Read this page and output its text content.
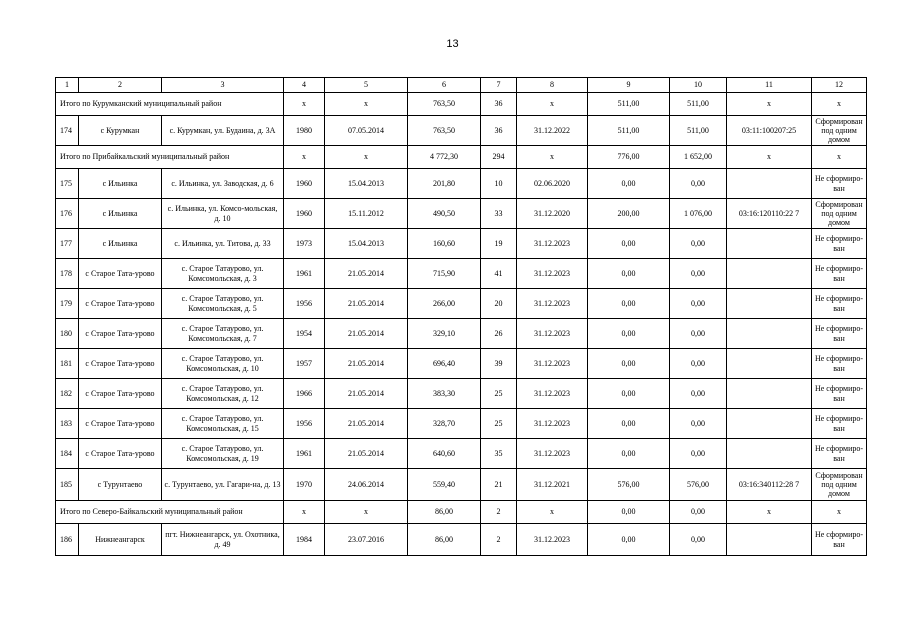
13
1	2	3	4	5	6	7	8	9	10	11	12
Итого по Курумканский муниципальный район			x	x	763,50	36	x	511,00	511,00	x	x
174	с Курумкан	с. Курумкан, ул. Будаина, д. 3А	1980	07.05.2014	763,50	36	31.12.2022	511,00	511,00	03:11:100207:25	Сформирован под одним домом
Итого по Прибайкальский муниципальный район			x	x	4 772,30	294	x	776,00	1 652,00	x	x
175	с Ильинка	с. Ильинка, ул. Заводская, д. 6	1960	15.04.2013	201,80	10	02.06.2020	0,00	0,00		Не сформиро-ван
176	с Ильинка	с. Ильинка, ул. Комсо-мольская, д. 10	1960	15.11.2012	490,50	33	31.12.2020	200,00	1 076,00	03:16:120110:22 7	Сформирован под одним домом
177	с Ильинка	с. Ильинка, ул. Титова, д. 33	1973	15.04.2013	160,60	19	31.12.2023	0,00	0,00		Не сформиро-ван
178	с Старое Тата-урово	с. Старое Татаурово, ул. Комсомольская, д. 3	1961	21.05.2014	715,90	41	31.12.2023	0,00	0,00		Не сформиро-ван
179	с Старое Тата-урово	с. Старое Татаурово, ул. Комсомольская, д. 5	1956	21.05.2014	266,00	20	31.12.2023	0,00	0,00		Не сформиро-ван
180	с Старое Тата-урово	с. Старое Татаурово, ул. Комсомольская, д. 7	1954	21.05.2014	329,10	26	31.12.2023	0,00	0,00		Не сформиро-ван
181	с Старое Тата-урово	с. Старое Татаурово, ул. Комсомольская, д. 10	1957	21.05.2014	696,40	39	31.12.2023	0,00	0,00		Не сформиро-ван
182	с Старое Тата-урово	с. Старое Татаурово, ул. Комсомольская, д. 12	1966	21.05.2014	383,30	25	31.12.2023	0,00	0,00		Не сформиро-ван
183	с Старое Тата-урово	с. Старое Татаурово, ул. Комсомольская, д. 15	1956	21.05.2014	328,70	25	31.12.2023	0,00	0,00		Не сформиро-ван
184	с Старое Тата-урово	с. Старое Татаурово, ул. Комсомольская, д. 19	1961	21.05.2014	640,60	35	31.12.2023	0,00	0,00		Не сформиро-ван
185	с Турунтаево	с. Турунтаево, ул. Гагари-на, д. 13	1970	24.06.2014	559,40	21	31.12.2021	576,00	576,00	03:16:340112:28 7	Сформирован под одним домом
Итого по Северо-Байкальский муниципальный район			x	x	86,00	2	x	0,00	0,00	x	x
186	Нижнеангарск	пгт. Нижнеангарск, ул. Охотника, д. 49	1984	23.07.2016	86,00	2	31.12.2023	0,00	0,00		Не сформиро-ван
